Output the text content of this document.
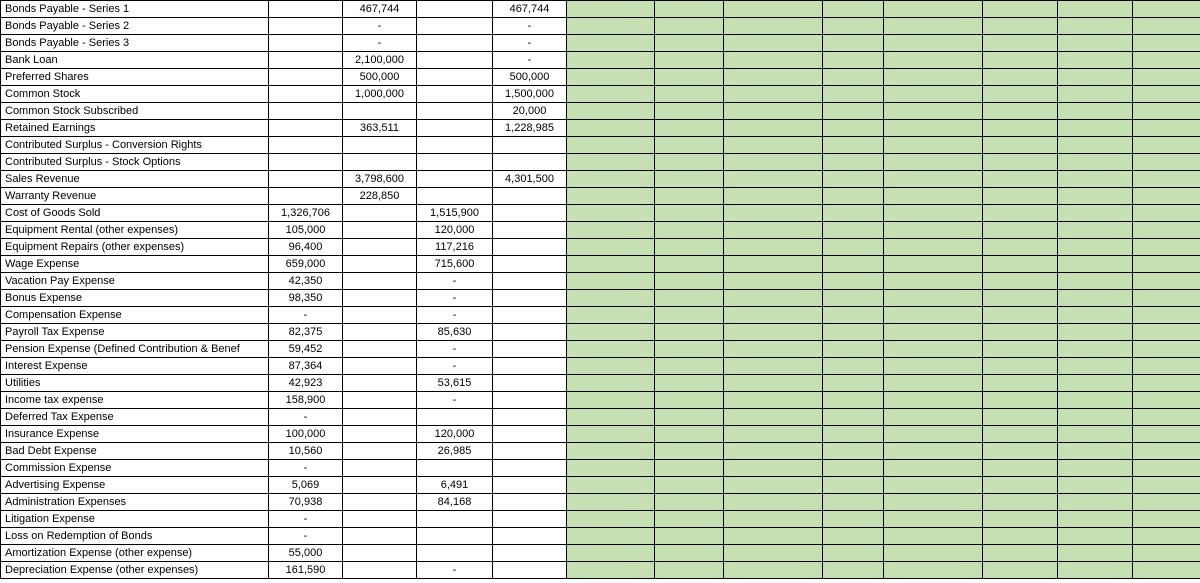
Bonds Payable - Series 1		467,744		467,744								
Bonds Payable - Series 2		-		-								
Bonds Payable - Series 3		-		-								
Bank Loan		2,100,000		-								
Preferred Shares		500,000		500,000								
Common Stock		1,000,000		1,500,000								
Common Stock Subscribed				20,000								
Retained Earnings		363,511		1,228,985								
Contributed Surplus - Conversion Rights												
Contributed Surplus - Stock Options												
Sales Revenue		3,798,600		4,301,500								
Warranty Revenue		228,850										
Cost of Goods Sold	1,326,706		1,515,900									
Equipment Rental (other expenses)	105,000		120,000									
Equipment Repairs (other expenses)	96,400		117,216									
Wage Expense	659,000		715,600									
Vacation Pay Expense	42,350		-									
Bonus Expense	98,350		-									
Compensation Expense	-		-									
Payroll Tax Expense	82,375		85,630									
Pension Expense (Defined Contribution & Benef	59,452		-									
Interest Expense	87,364		-									
Utilities	42,923		53,615									
Income tax expense	158,900		-									
Deferred Tax Expense	-											
Insurance Expense	100,000		120,000									
Bad Debt Expense	10,560		26,985									
Commission Expense	-											
Advertising Expense	5,069		6,491									
Administration Expenses	70,938		84,168									
Litigation Expense	-											
Loss on Redemption of Bonds	-											
Amortization Expense (other expense)	55,000											
Depreciation Expense (other expenses)	161,590		-									
